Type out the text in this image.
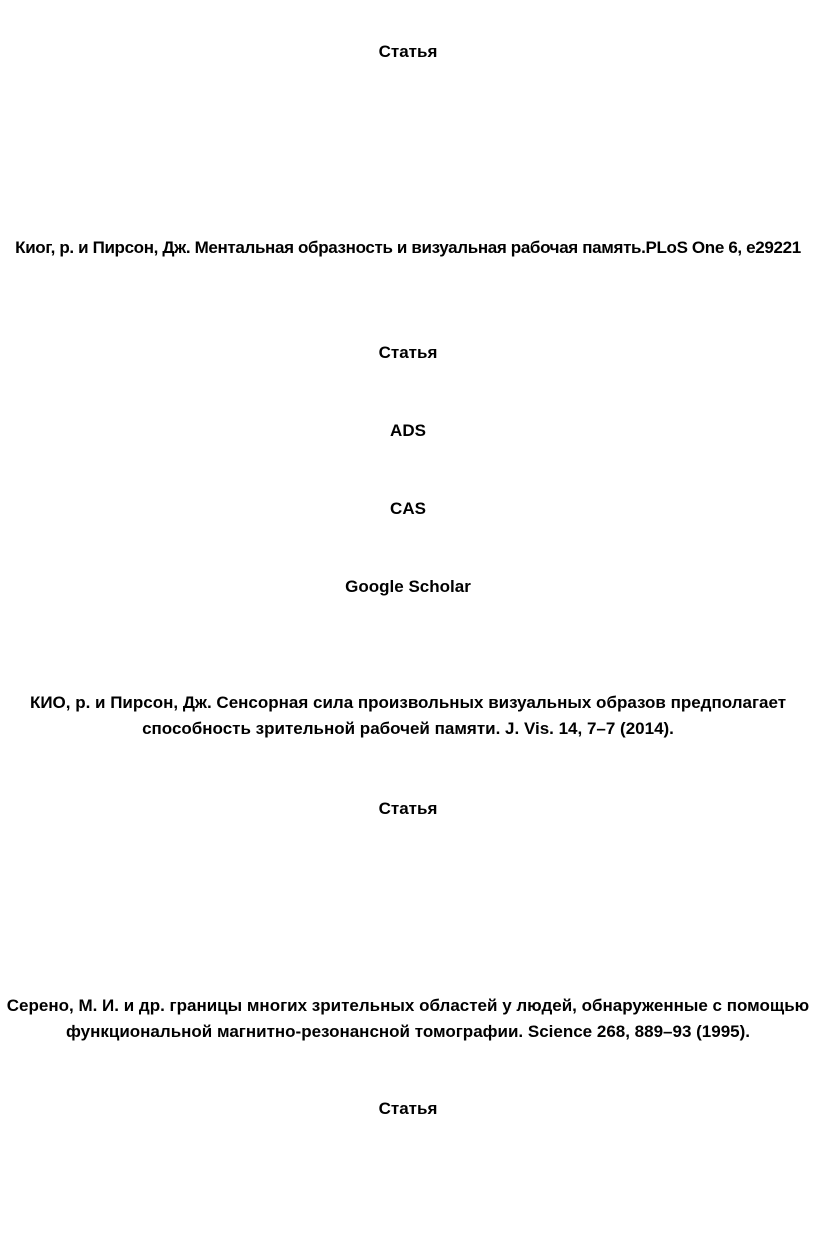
Статья
Киог, р. и Пирсон, Дж. Ментальная образность и визуальная рабочая память.PLoS One 6, e29221
Статья
ADS
CAS
Google Scholar
КИО, р. и Пирсон, Дж. Сенсорная сила произвольных визуальных образов предполагает
способность зрительной рабочей памяти. J. Vis. 14, 7–7 (2014).
Статья
Серено, М. И. и др. границы многих зрительных областей у людей, обнаруженные с помощью
функциональной магнитно-резонансной томографии. Science 268, 889–93 (1995).
Статья
